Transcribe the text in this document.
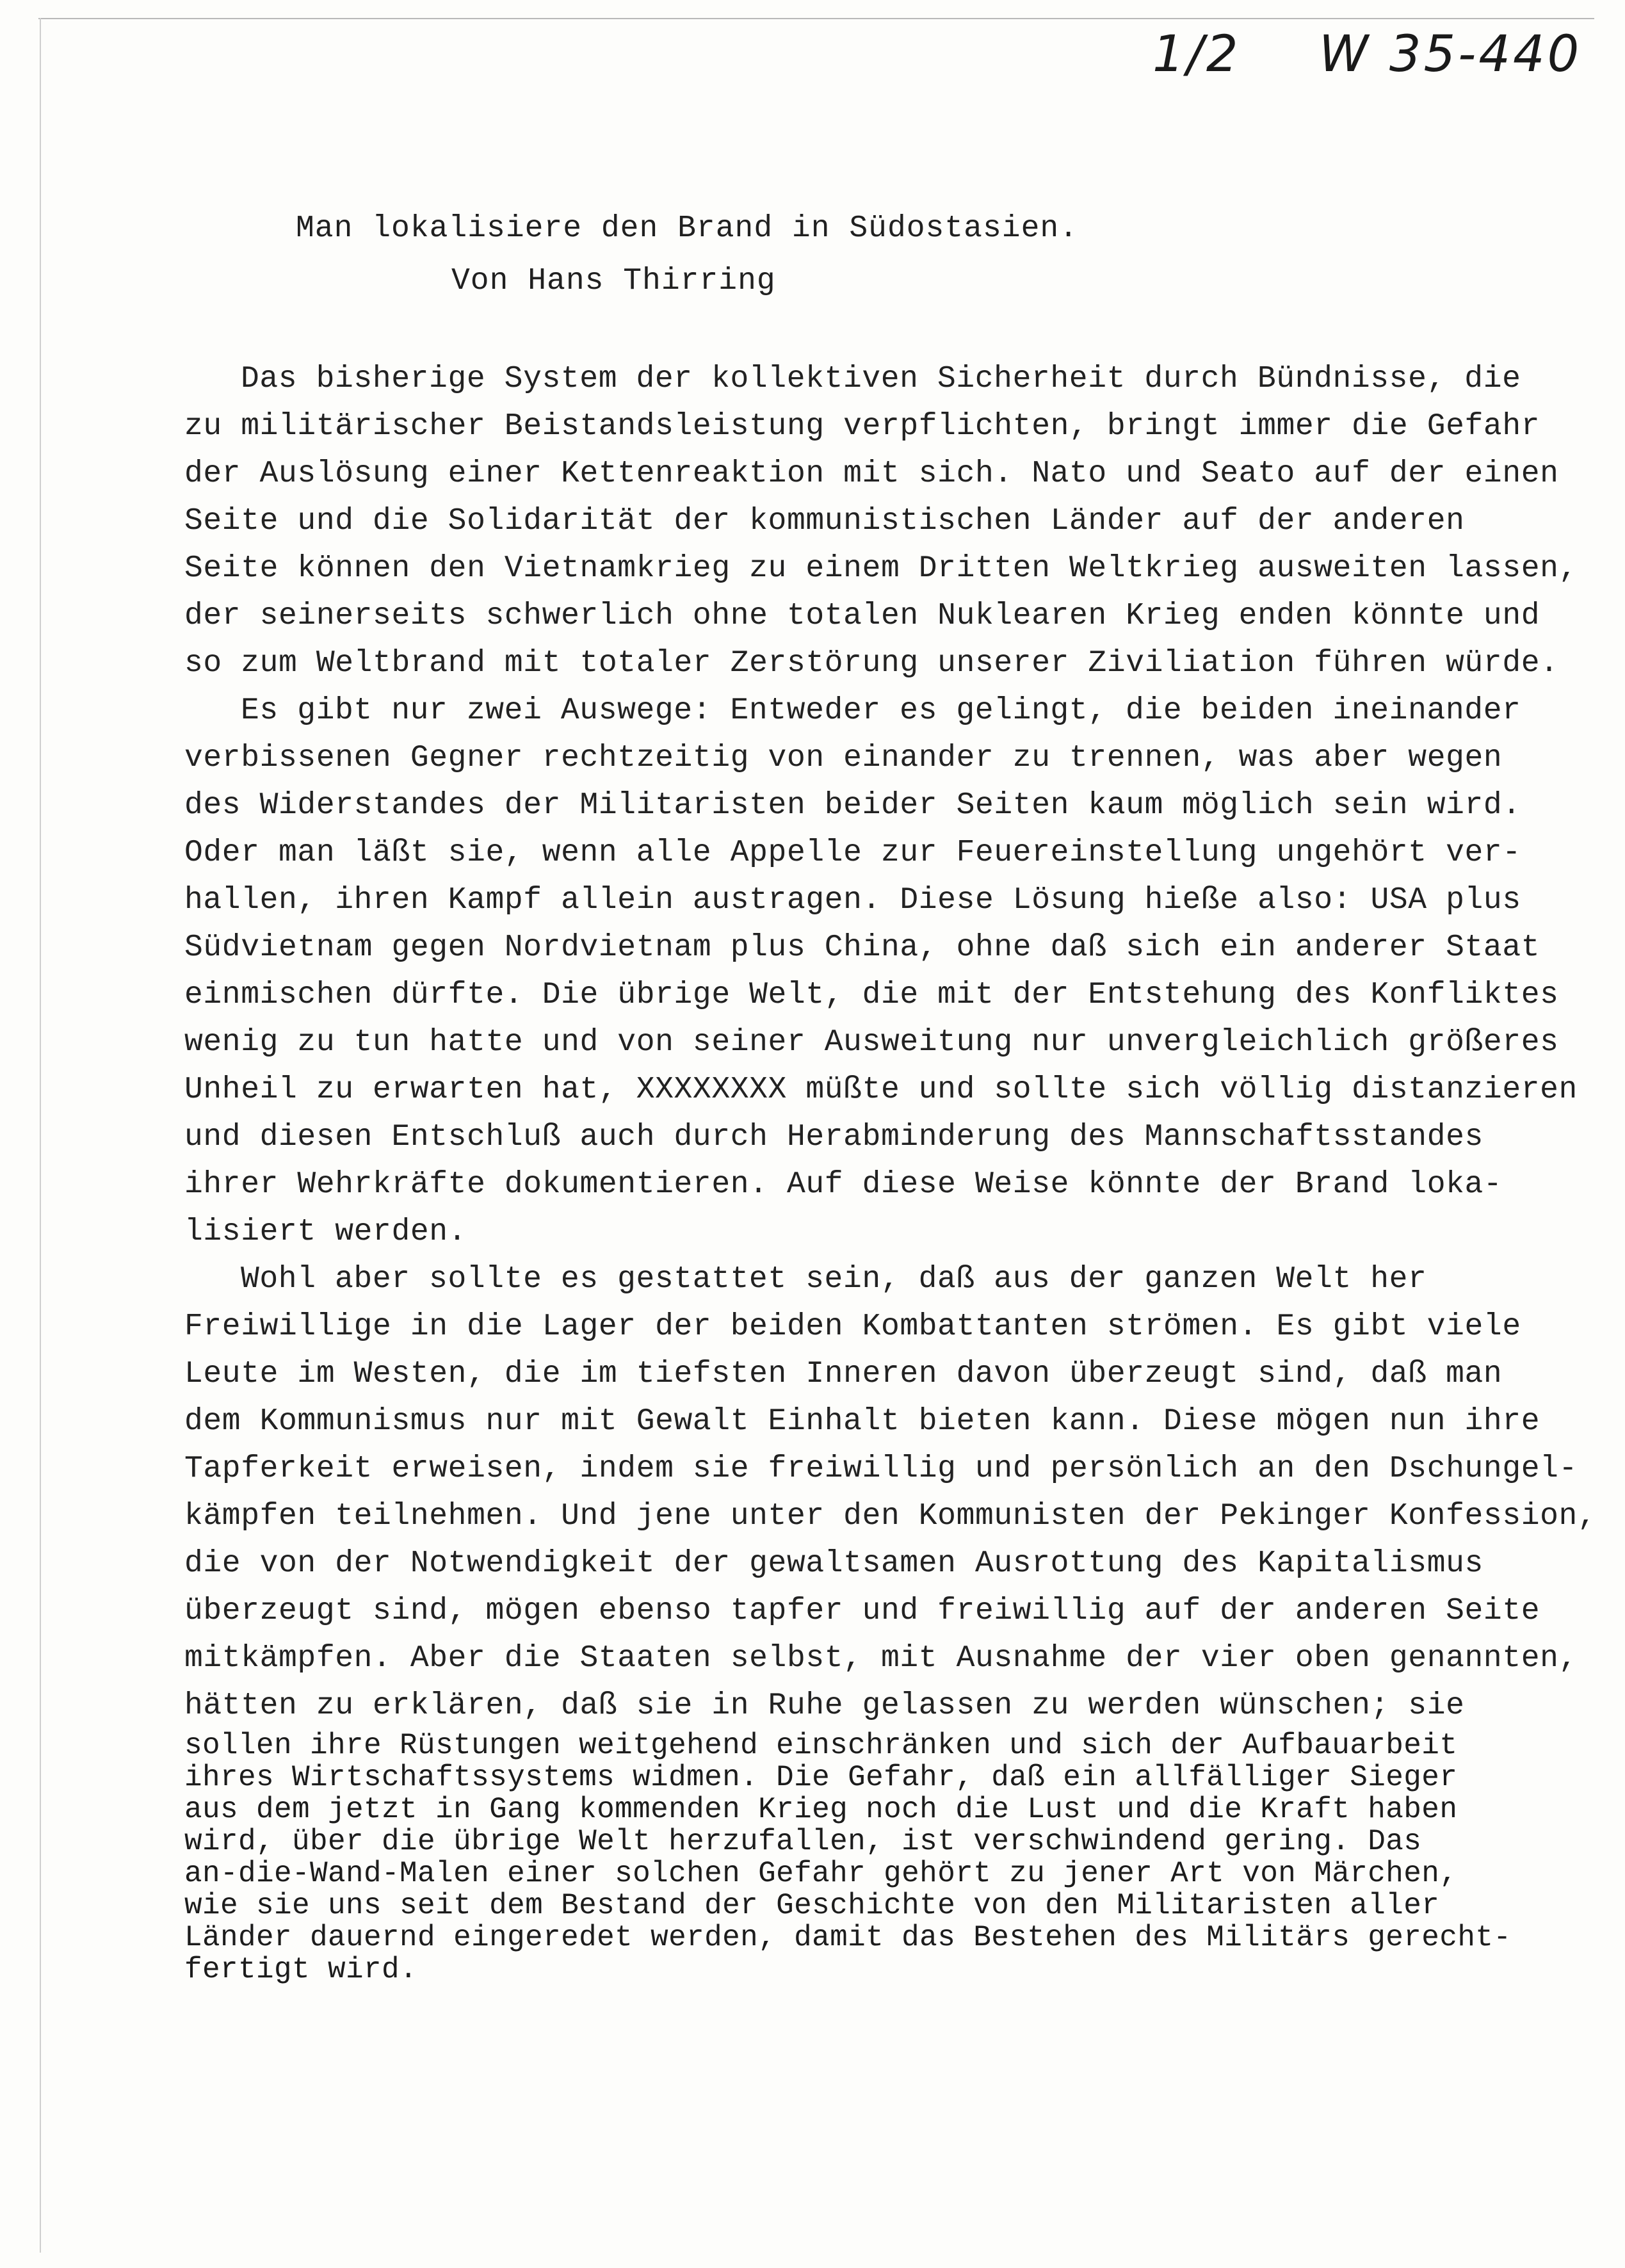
1/2 W 35-440
Man lokalisiere den Brand in Südostasien.
Von Hans Thirring
Das bisherige System der kollektiven Sicherheit durch Bündnisse, die
zu militärischer Beistandsleistung verpflichten, bringt immer die Gefahr
der Auslösung einer Kettenreaktion mit sich. Nato und Seato auf der einen
Seite und die Solidarität der kommunistischen Länder auf der anderen
Seite können den Vietnamkrieg zu einem Dritten Weltkrieg ausweiten lassen,
der seinerseits schwerlich ohne totalen Nuklearen Krieg enden könnte und
so zum Weltbrand mit totaler Zerstörung unserer Ziviliation führen würde.
Es gibt nur zwei Auswege: Entweder es gelingt, die beiden ineinander
verbissenen Gegner rechtzeitig von einander zu trennen, was aber wegen
des Widerstandes der Militaristen beider Seiten kaum möglich sein wird.
Oder man läßt sie, wenn alle Appelle zur Feuereinstellung ungehört ver-
hallen, ihren Kampf allein austragen. Diese Lösung hieße also: USA plus
Südvietnam gegen Nordvietnam plus China, ohne daß sich ein anderer Staat
einmischen dürfte. Die übrige Welt, die mit der Entstehung des Konfliktes
wenig zu tun hatte und von seiner Ausweitung nur unvergleichlich größeres
Unheil zu erwarten hat, XXXXXXXX müßte und sollte sich völlig distanzieren
und diesen Entschluß auch durch Herabminderung des Mannschaftsstandes
ihrer Wehrkräfte dokumentieren. Auf diese Weise könnte der Brand loka-
lisiert werden.
Wohl aber sollte es gestattet sein, daß aus der ganzen Welt her
Freiwillige in die Lager der beiden Kombattanten strömen. Es gibt viele
Leute im Westen, die im tiefsten Inneren davon überzeugt sind, daß man
dem Kommunismus nur mit Gewalt Einhalt bieten kann. Diese mögen nun ihre
Tapferkeit erweisen, indem sie freiwillig und persönlich an den Dschungel-
kämpfen teilnehmen. Und jene unter den Kommunisten der Pekinger Konfession,
die von der Notwendigkeit der gewaltsamen Ausrottung des Kapitalismus
überzeugt sind, mögen ebenso tapfer und freiwillig auf der anderen Seite
mitkämpfen. Aber die Staaten selbst, mit Ausnahme der vier oben genannten,
hätten zu erklären, daß sie in Ruhe gelassen zu werden wünschen; sie
sollen ihre Rüstungen weitgehend einschränken und sich der Aufbauarbeit
ihres Wirtschaftssystems widmen. Die Gefahr, daß ein allfälliger Sieger
aus dem jetzt in Gang kommenden Krieg noch die Lust und die Kraft haben
wird, über die übrige Welt herzufallen, ist verschwindend gering. Das
an-die-Wand-Malen einer solchen Gefahr gehört zu jener Art von Märchen,
wie sie uns seit dem Bestand der Geschichte von den Militaristen aller
Länder dauernd eingeredet werden, damit das Bestehen des Militärs gerecht-
fertigt wird.
